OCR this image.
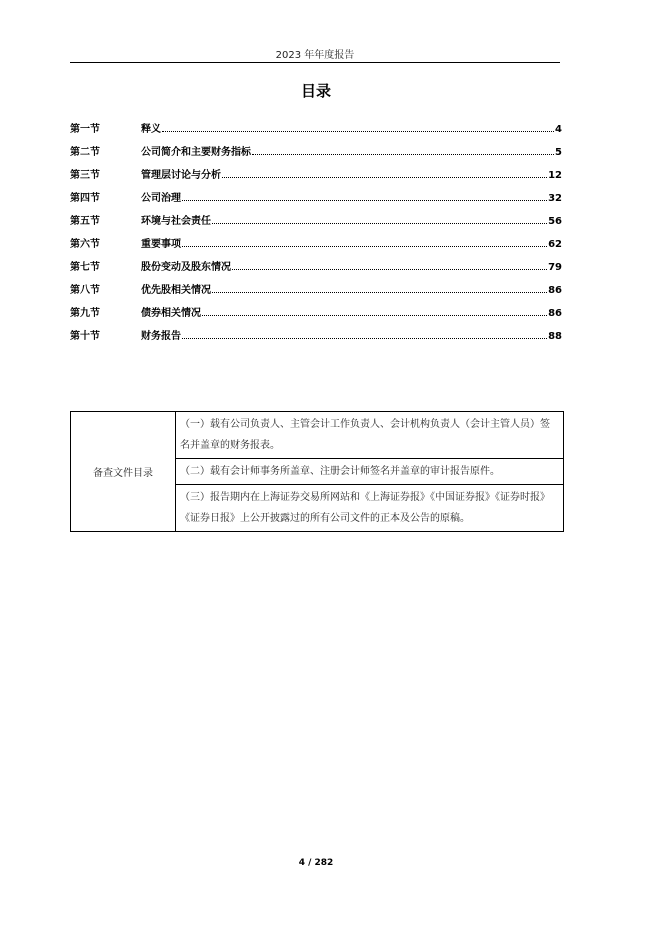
2023 年年度报告
目录
第一节	释义	4
第二节	公司简介和主要财务指标	5
第三节	管理层讨论与分析	12
第四节	公司治理	32
第五节	环境与社会责任	56
第六节	重要事项	62
第七节	股份变动及股东情况	79
第八节	优先股相关情况	86
第九节	债券相关情况	86
第十节	财务报告	88
备查文件目录	（一）载有公司负责人、主管会计工作负责人、会计机构负责人（会计主管人员）签名并盖章的财务报表。
（二）载有会计师事务所盖章、注册会计师签名并盖章的审计报告原件。
（三）报告期内在上海证券交易所网站和《上海证券报》《中国证券报》《证券时报》《证券日报》上公开披露过的所有公司文件的正本及公告的原稿。
4 / 282
